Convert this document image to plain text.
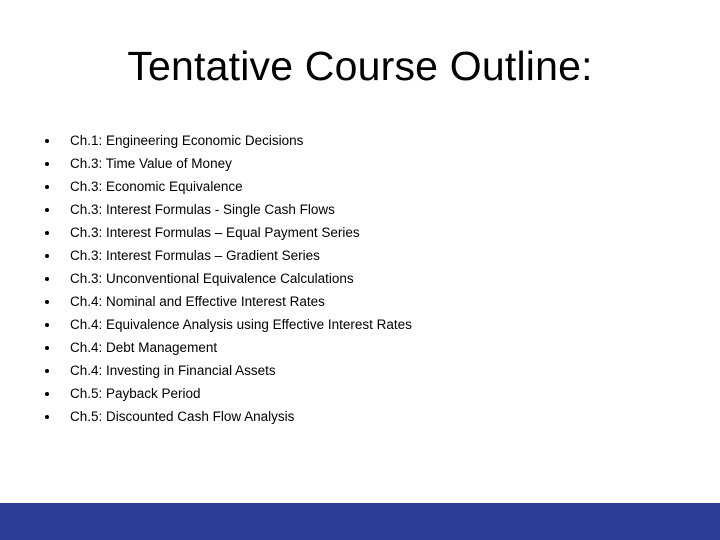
Tentative Course Outline:
Ch.1: Engineering Economic Decisions
Ch.3: Time Value of Money
Ch.3: Economic Equivalence
Ch.3: Interest Formulas - Single Cash Flows
Ch.3: Interest Formulas – Equal Payment Series
Ch.3: Interest Formulas – Gradient Series
Ch.3: Unconventional Equivalence Calculations
Ch.4: Nominal and Effective Interest Rates
Ch.4: Equivalence Analysis using Effective Interest Rates
Ch.4: Debt Management
Ch.4: Investing in Financial Assets
Ch.5: Payback Period
Ch.5: Discounted Cash Flow Analysis
